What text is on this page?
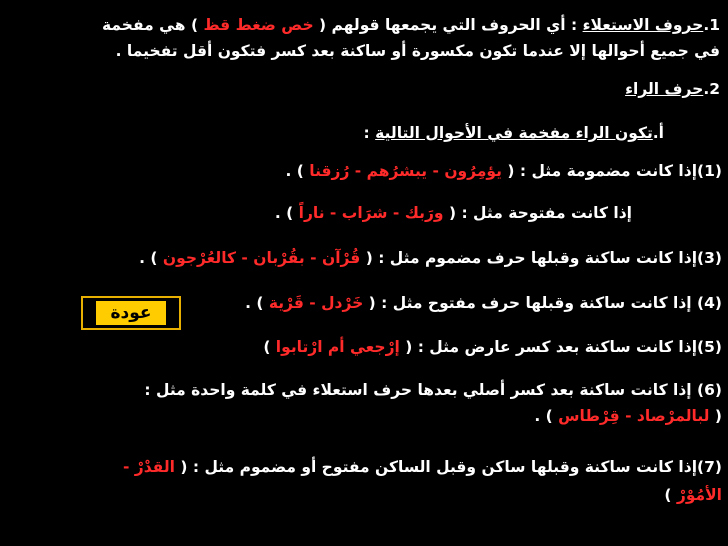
1.حروف الاستعلاء : أي الحروف التي يجمعها قولهم ( خص ضغط قظ ) هي مفخمة
في جميع أحوالها إلا عندما تكون مكسورة أو ساكنة بعد كسر فتكون أقل تفخيما .
2.حرف الراء
أ.تكون الراء مفخمة في الأحوال التالية :
(1)إذا كانت مضمومة مثل : ( يؤمِرُون - يبشرُهم - رُزقنا ) .
إذا كانت مفتوحة مثل : ( ورَبك - شرَاب - ناراً ) .
(3)إذا كانت ساكنة وقبلها حرف مضموم مثل : ( قُرْآن - بقُرْبان - كالعُرْجون ) .
(4) إذا كانت ساكنة وقبلها حرف مفتوح مثل : ( خَرْدل - قَرْية ) .
عودة
(5)إذا كانت ساكنة بعد كسر عارض مثل : ( إرْجعي أم ارْتابوا )
(6) إذا كانت ساكنة بعد كسر أصلي بعدها حرف استعلاء في كلمة واحدة مثل :
( لبالمرْصاد - قِرْطاس ) .
(7)إذا كانت ساكنة وقبلها ساكن وقبل الساكن مفتوح أو مضموم مثل : ( القدْرْ -
الأمُوْرْ )
